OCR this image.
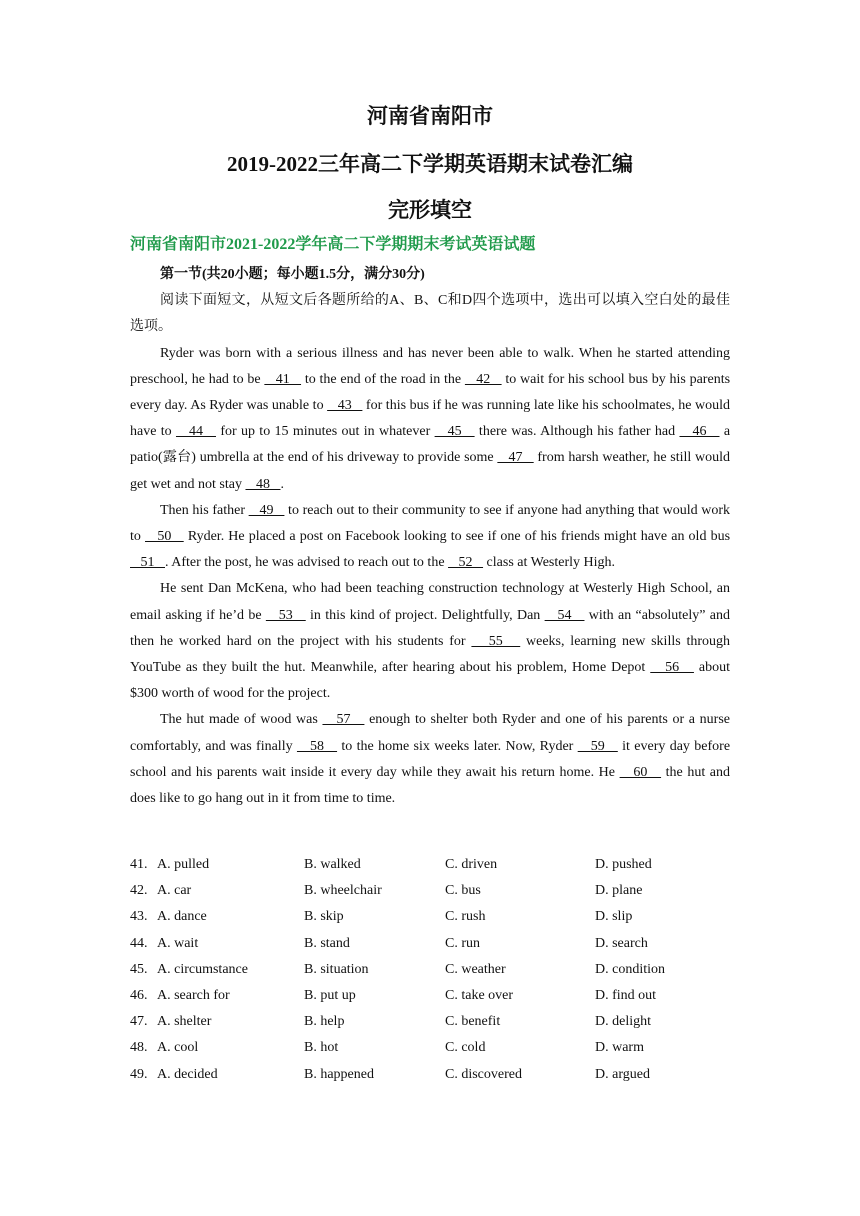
河南省南阳市
2019-2022三年高二下学期英语期末试卷汇编
完形填空
河南省南阳市2021-2022学年高二下学期期末考试英语试题

第一节(共20小题；每小题1.5分，满分30分)

阅读下面短文，从短文后各题所给的A、B、C和D四个选项中，选出可以填入空白处的最佳选项。

Ryder was born with a serious illness and has never been able to walk. When he started attending preschool, he had to be    41    to the end of the road in the    42    to wait for his school bus by his parents every day. As Ryder was unable to    43    for this bus if he was running late like his schoolmates, he would have to    44    for up to 15 minutes out in whatever    45    there was. Although his father had    46    a patio(露台) umbrella at the end of his driveway to provide some    47    from harsh weather, he still would get wet and not stay    48   .

Then his father    49    to reach out to their community to see if anyone had anything that would work to    50    Ryder. He placed a post on Facebook looking to see if one of his friends might have an old bus    51   . After the post, he was advised to reach out to the    52    class at Westerly High.

He sent Dan McKena, who had been teaching construction technology at Westerly High School, an email asking if he’d be    53    in this kind of project. Delightfully, Dan    54    with an “absolutely” and then he worked hard on the project with his students for    55    weeks, learning new skills through YouTube as they built the hut. Meanwhile, after hearing about his problem, Home Depot    56    about $300 worth of wood for the project.

The hut made of wood was    57    enough to shelter both Ryder and one of his parents or a nurse comfortably, and was finally    58    to the home six weeks later. Now, Ryder    59    it every day before school and his parents wait inside it every day while they await his return home. He    60    the hut and does like to go hang out in it from time to time.

41. A. pulled	B. walked	C. driven	D. pushed
42. A. car	B. wheelchair	C. bus	D. plane
43. A. dance	B. skip	C. rush	D. slip
44. A. wait	B. stand	C. run	D. search
45. A. circumstance	B. situation	C. weather	D. condition
46. A. search for	B. put up	C. take over	D. find out
47. A. shelter	B. help	C. benefit	D. delight
48. A. cool	B. hot	C. cold	D. warm
49. A. decided	B. happened	C. discovered	D. argued
